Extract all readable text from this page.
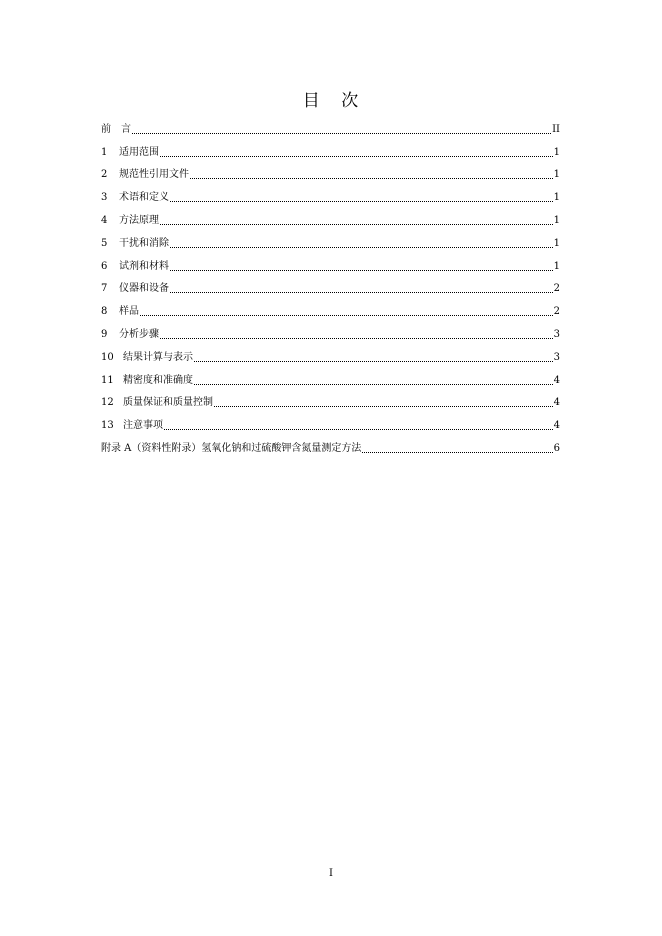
目 次
前	言	II
1	适用范围	1
2	规范性引用文件	1
3	术语和定义	1
4	方法原理	1
5	干扰和消除	1
6	试剂和材料	1
7	仪器和设备	2
8	样品	2
9	分析步骤	3
10 结果计算与表示	3
11 精密度和准确度	4
12 质量保证和质量控制	4
13 注意事项	4
附录 A（资料性附录）氢氧化钠和过硫酸钾含氮量测定方法	6
I
